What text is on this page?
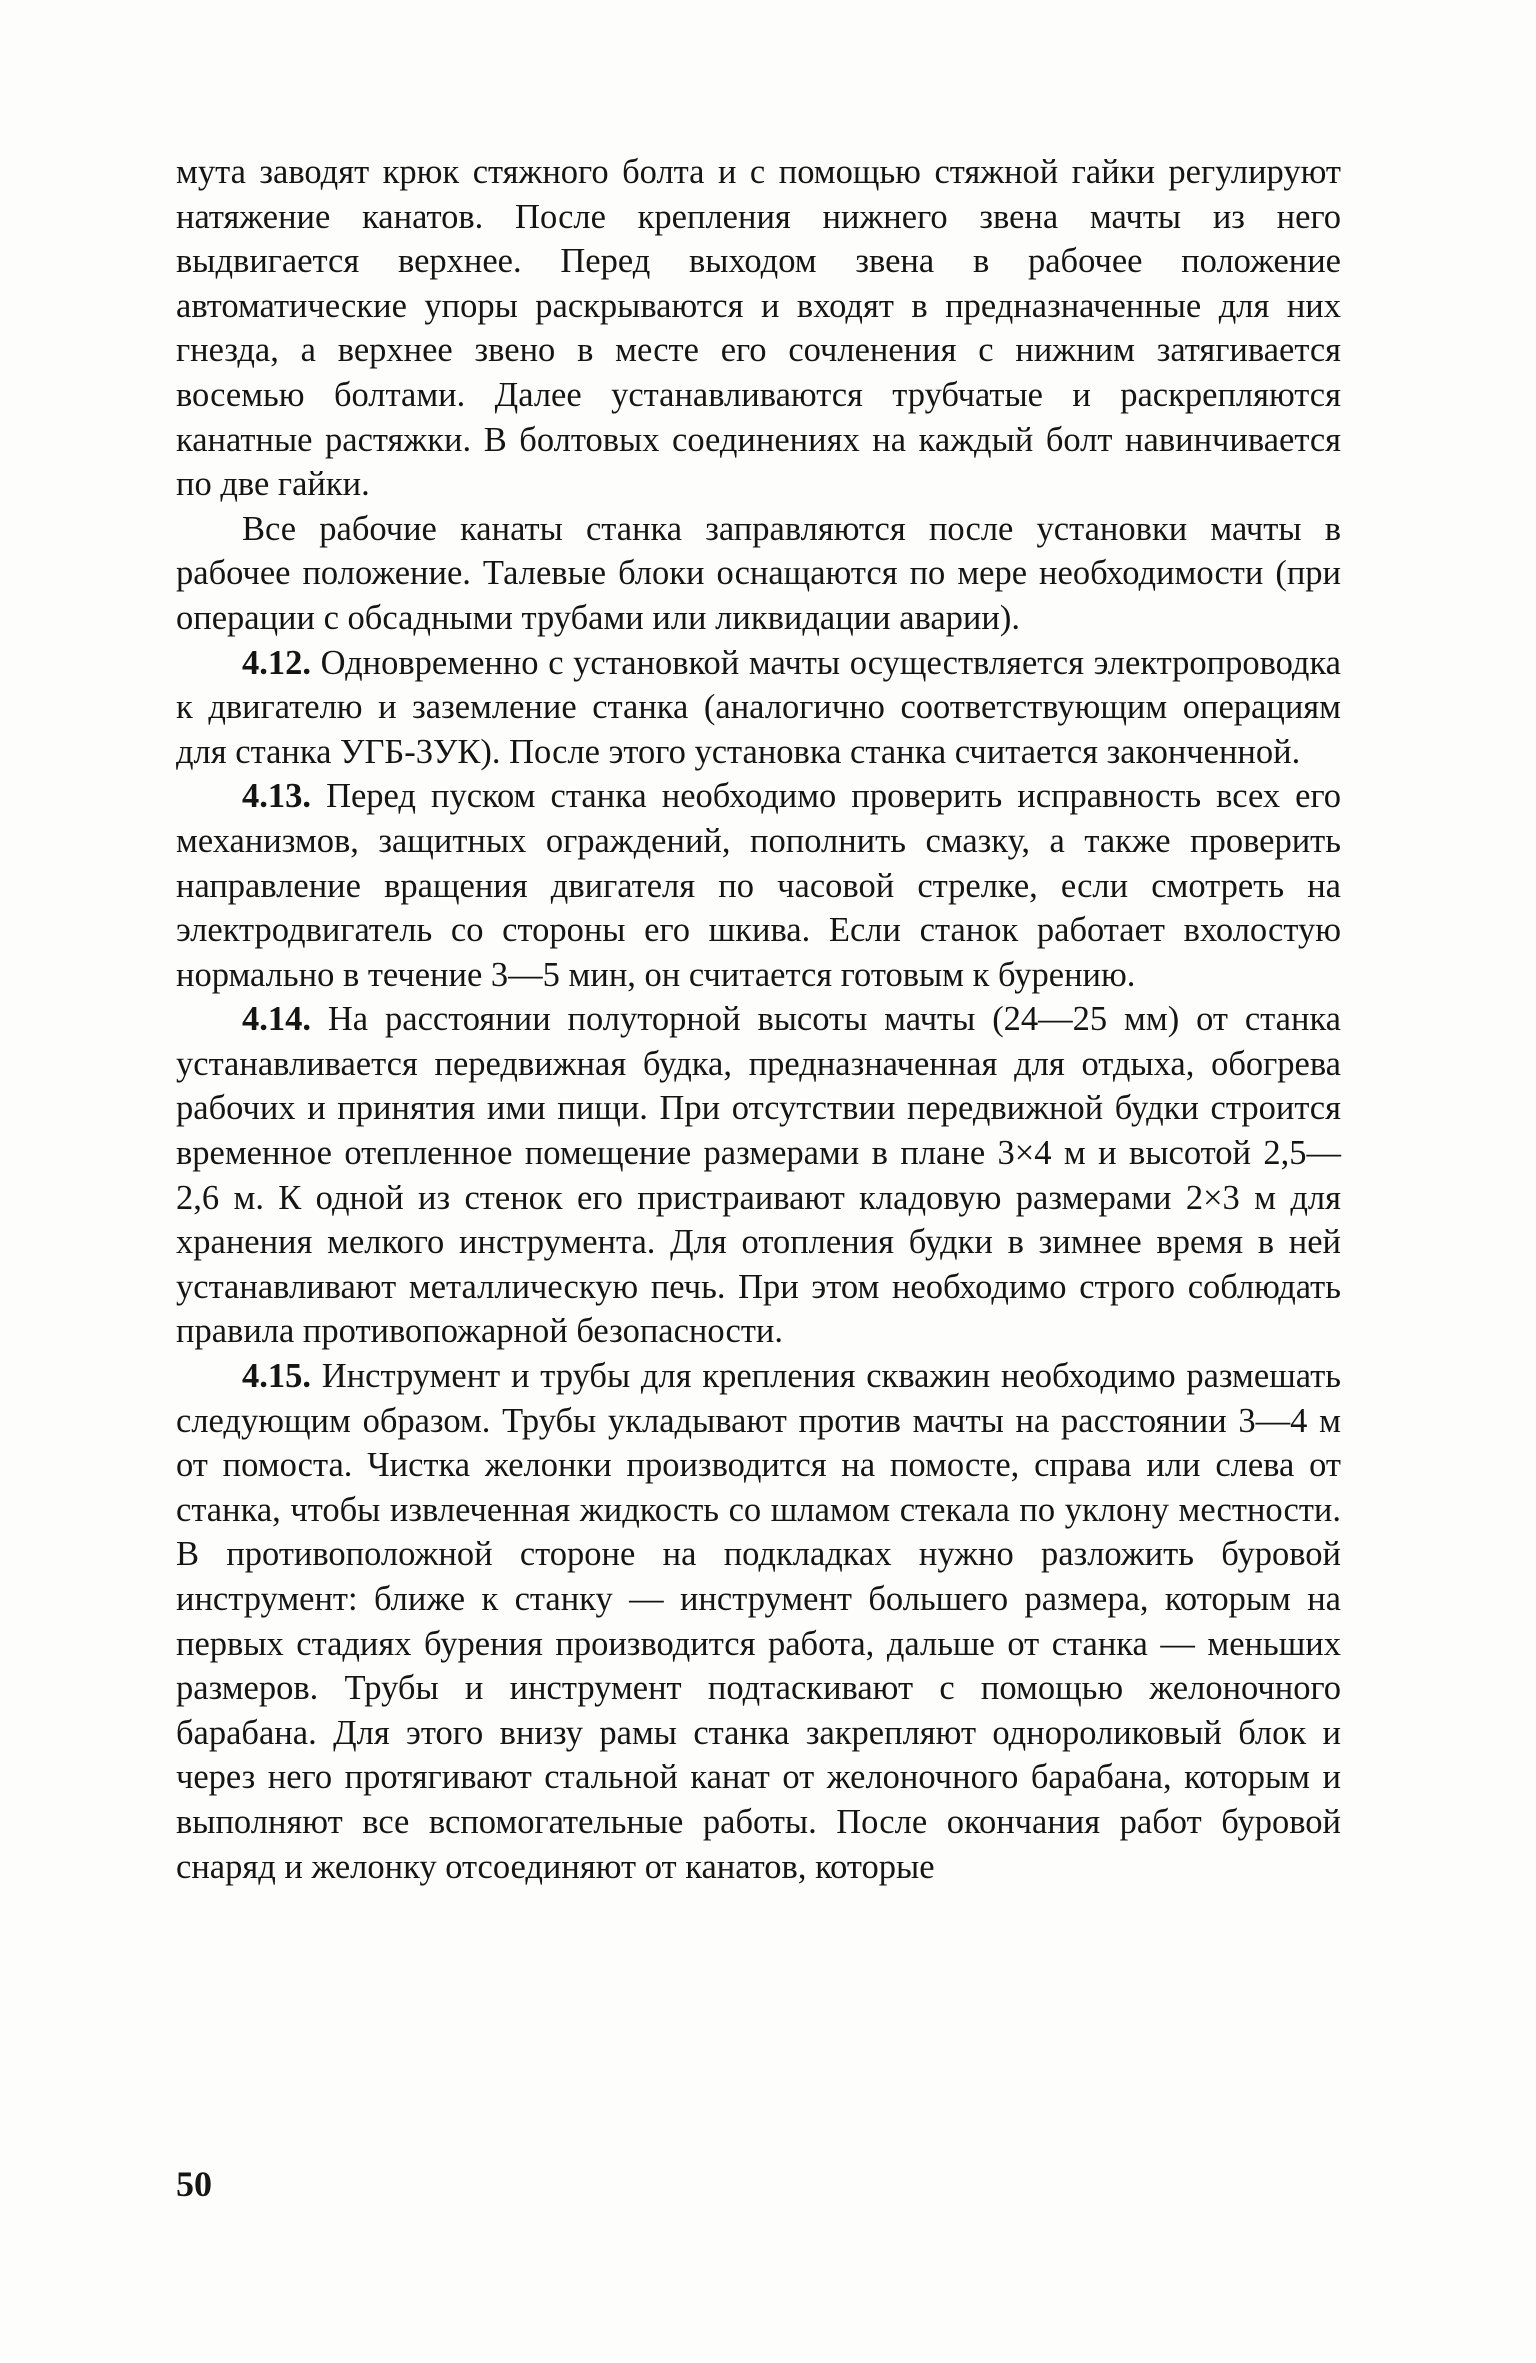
мута заводят крюк стяжного болта и с помощью стяжной гайки регулируют натяжение канатов. После крепления нижнего звена мачты из него выдвигается верхнее. Перед выходом звена в рабочее положение автоматические упоры раскрываются и входят в предназначенные для них гнезда, а верхнее звено в месте его сочленения с нижним затягивается восемью болтами. Далее устанавливаются трубчатые и раскрепляются канатные растяжки. В болтовых соединениях на каждый болт навинчивается по две гайки.

Все рабочие канаты станка заправляются после установки мачты в рабочее положение. Талевые блоки оснащаются по мере необходимости (при операции с обсадными трубами или ликвидации аварии).

4.12. Одновременно с установкой мачты осуществляется электропроводка к двигателю и заземление станка (аналогично соответствующим операциям для станка УГБ-3УК). После этого установка станка считается законченной.

4.13. Перед пуском станка необходимо проверить исправность всех его механизмов, защитных ограждений, пополнить смазку, а также проверить направление вращения двигателя по часовой стрелке, если смотреть на электродвигатель со стороны его шкива. Если станок работает вхолостую нормально в течение 3—5 мин, он считается готовым к бурению.

4.14. На расстоянии полуторной высоты мачты (24—25 мм) от станка устанавливается передвижная будка, предназначенная для отдыха, обогрева рабочих и принятия ими пищи. При отсутствии передвижной будки строится временное отепленное помещение размерами в плане 3×4 м и высотой 2,5—2,6 м. К одной из стенок его пристраивают кладовую размерами 2×3 м для хранения мелкого инструмента. Для отопления будки в зимнее время в ней устанавливают металлическую печь. При этом необходимо строго соблюдать правила противопожарной безопасности.

4.15. Инструмент и трубы для крепления скважин необходимо размешать следующим образом. Трубы укладывают против мачты на расстоянии 3—4 м от помоста. Чистка желонки производится на помосте, справа или слева от станка, чтобы извлеченная жидкость со шламом стекала по уклону местности. В противоположной стороне на подкладках нужно разложить буровой инструмент: ближе к станку — инструмент большего размера, которым на первых стадиях бурения производится работа, дальше от станка — меньших размеров. Трубы и инструмент подтаскивают с помощью желоночного барабана. Для этого внизу рамы станка закрепляют однороликовый блок и через него протягивают стальной канат от желоночного барабана, которым и выполняют все вспомогательные работы. После окончания работ буровой снаряд и желонку отсоединяют от канатов, которые

50
